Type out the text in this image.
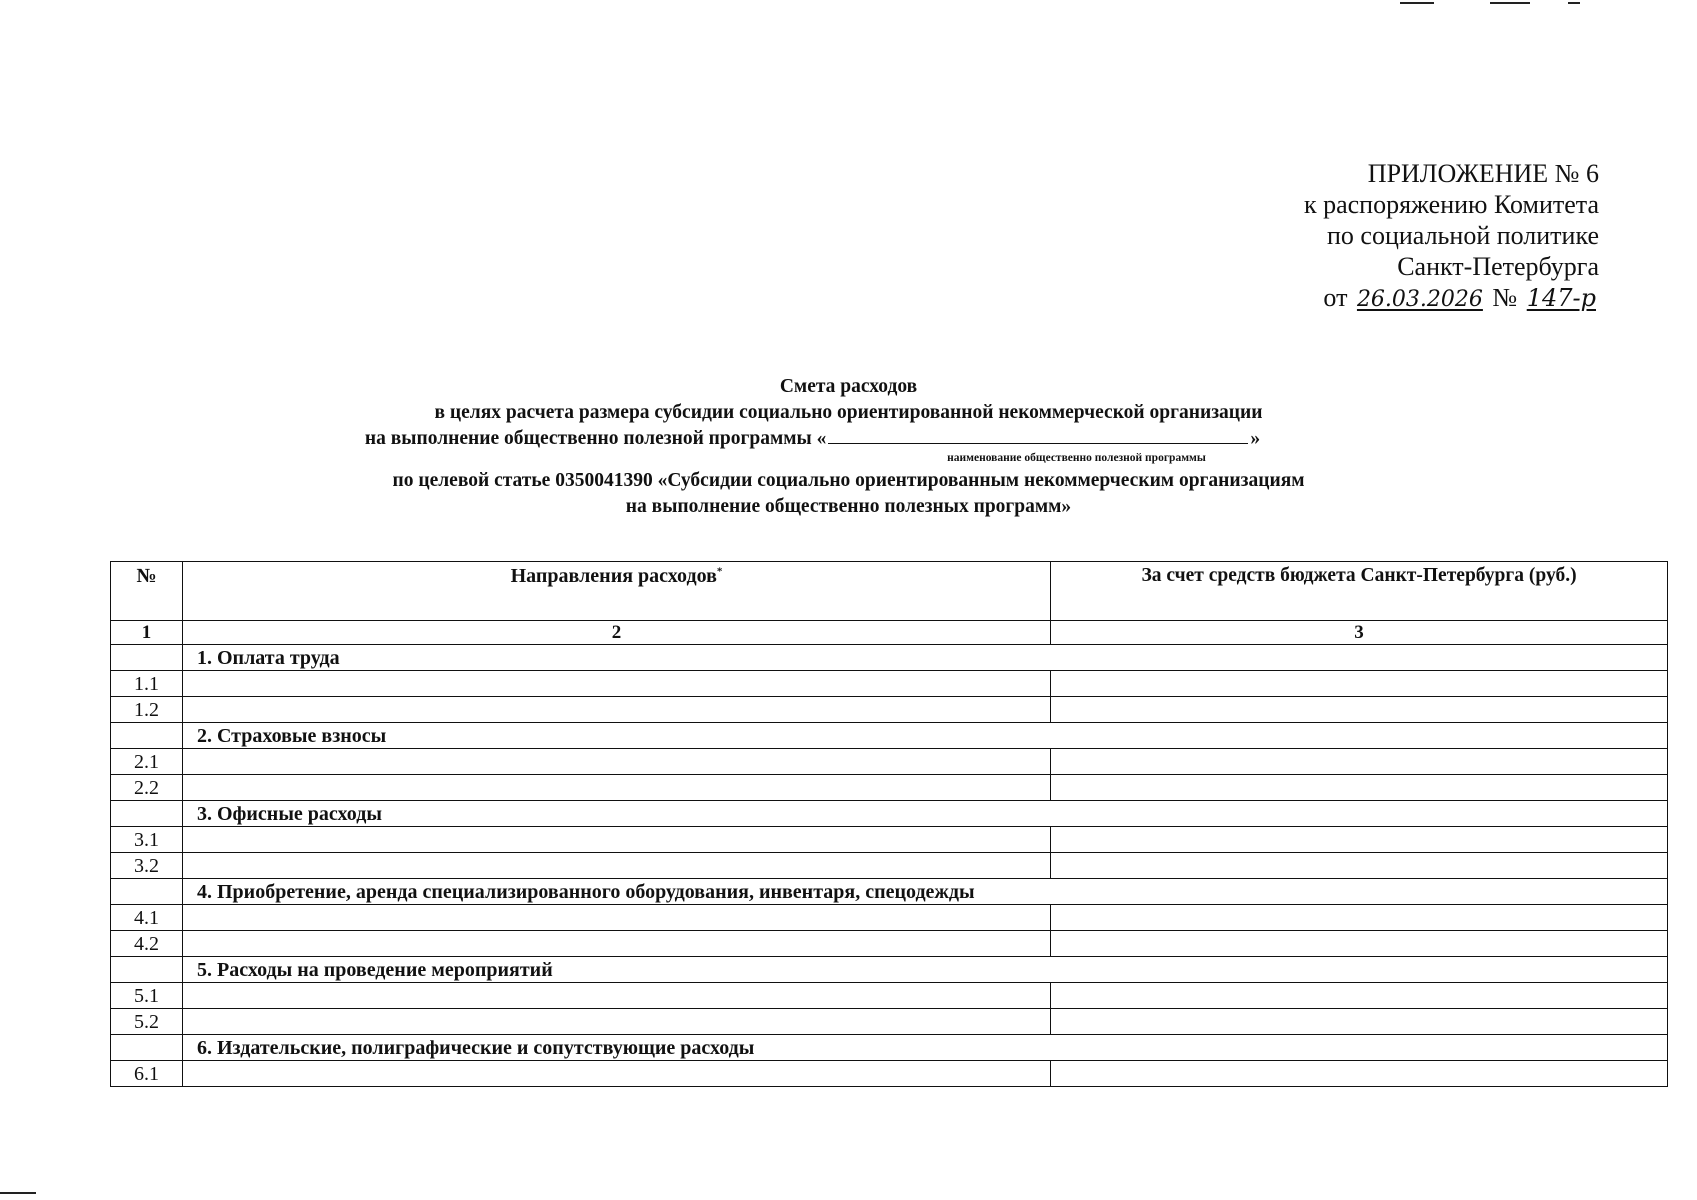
ПРИЛОЖЕНИЕ № 6
к распоряжению Комитета
по социальной политике
Санкт-Петербурга
от 26.03.2026 № 147-р
Смета расходов
в целях расчета размера субсидии социально ориентированной некоммерческой организации
на выполнение общественно полезной программы «	»
наименование общественно полезной программы
по целевой статье 0350041390 «Субсидии социально ориентированным некоммерческим организациям
на выполнение общественно полезных программ»
№	Направления расходов*	За счет средств бюджета Санкт-Петербурга (руб.)
1	2	3
	1. Оплата труда	
1.1		
1.2		
	2. Страховые взносы	
2.1		
2.2		
	3. Офисные расходы	
3.1		
3.2		
	4. Приобретение, аренда специализированного оборудования, инвентаря, спецодежды	
4.1		
4.2		
	5. Расходы на проведение мероприятий	
5.1		
5.2		
	6. Издательские, полиграфические и сопутствующие расходы	
6.1		
